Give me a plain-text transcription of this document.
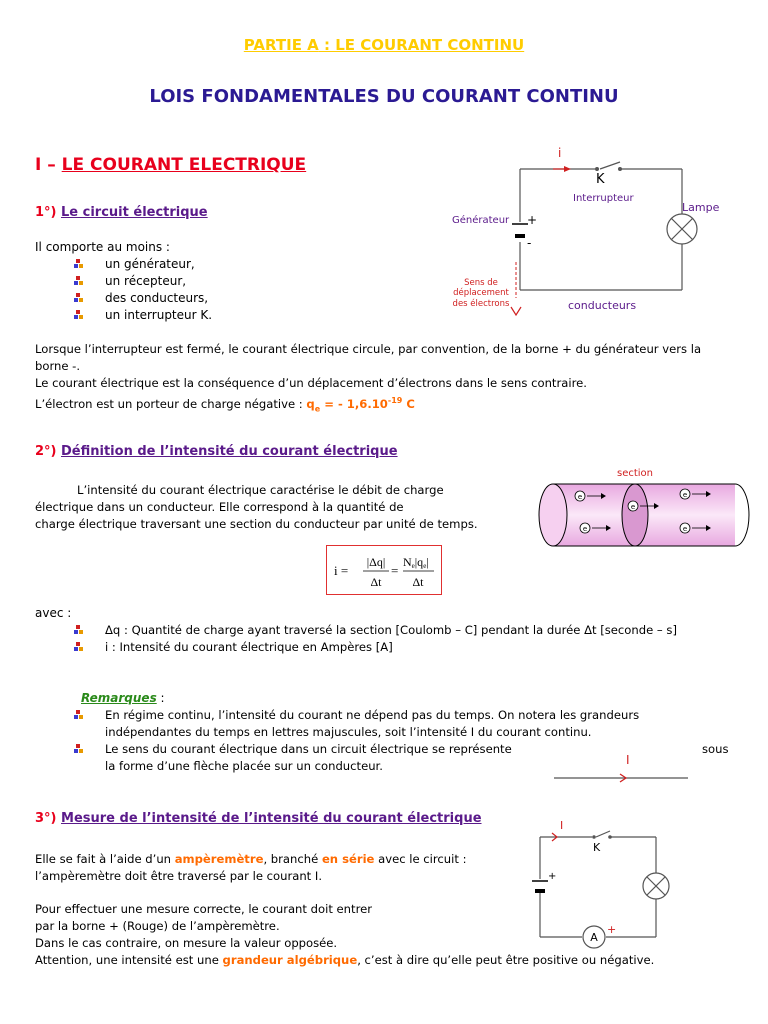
PARTIE A : LE COURANT CONTINU
LOIS FONDAMENTALES DU COURANT CONTINU
I – LE COURANT ELECTRIQUE
1°) Le circuit électrique
Il comporte au moins :
un générateur,
un récepteur,
des conducteurs,
un interrupteur K.
Lorsque l’interrupteur est fermé, le courant électrique circule, par convention, de la borne + du générateur vers la
borne -.
Le courant électrique est la conséquence d’un déplacement d’électrons dans le sens contraire.
L’électron est un porteur de charge négative : $q_e$ = - $1,6.10^{-19}$ C
i
K
Interrupteur
Lampe
Générateur +
-
Sens de
déplacement
des électrons	conducteurs
2°) Définition de l’intensité du courant électrique
L’intensité du courant électrique caractérise le débit de charge
électrique dans un conducteur. Elle correspond à la quantité de
charge électrique traversant une section du conducteur par unité de temps.
i =
|Δq|
Δt
=
Ne|qe|
Δt
section
e
e
e
e
e
avec :
Δq : Quantité de charge ayant traversé la section [Coulomb – C] pendant la durée Δt [seconde – s]
i : Intensité du courant électrique en Ampères [A]
Remarques :
En régime continu, l’intensité du courant ne dépend pas du temps. On notera les grandeurs
indépendantes du temps en lettres majuscules, soit l’intensité I du courant continu.
Le sens du courant électrique dans un circuit électrique se représente
la forme d’une flèche placée sur un conducteur.
sous
I
3°) Mesure de l’intensité de l’intensité du courant électrique
Elle se fait à l’aide d’un ampèremètre, branché en série avec le circuit :
l’ampèremètre doit être traversé par le courant I.
Pour effectuer une mesure correcte, le courant doit entrer
par la borne + (Rouge) de l’ampèremètre.
Dans le cas contraire, on mesure la valeur opposée.
Attention, une intensité est une grandeur algébrique, c’est à dire qu’elle peut être positive ou négative.
A
I
K
+
+
